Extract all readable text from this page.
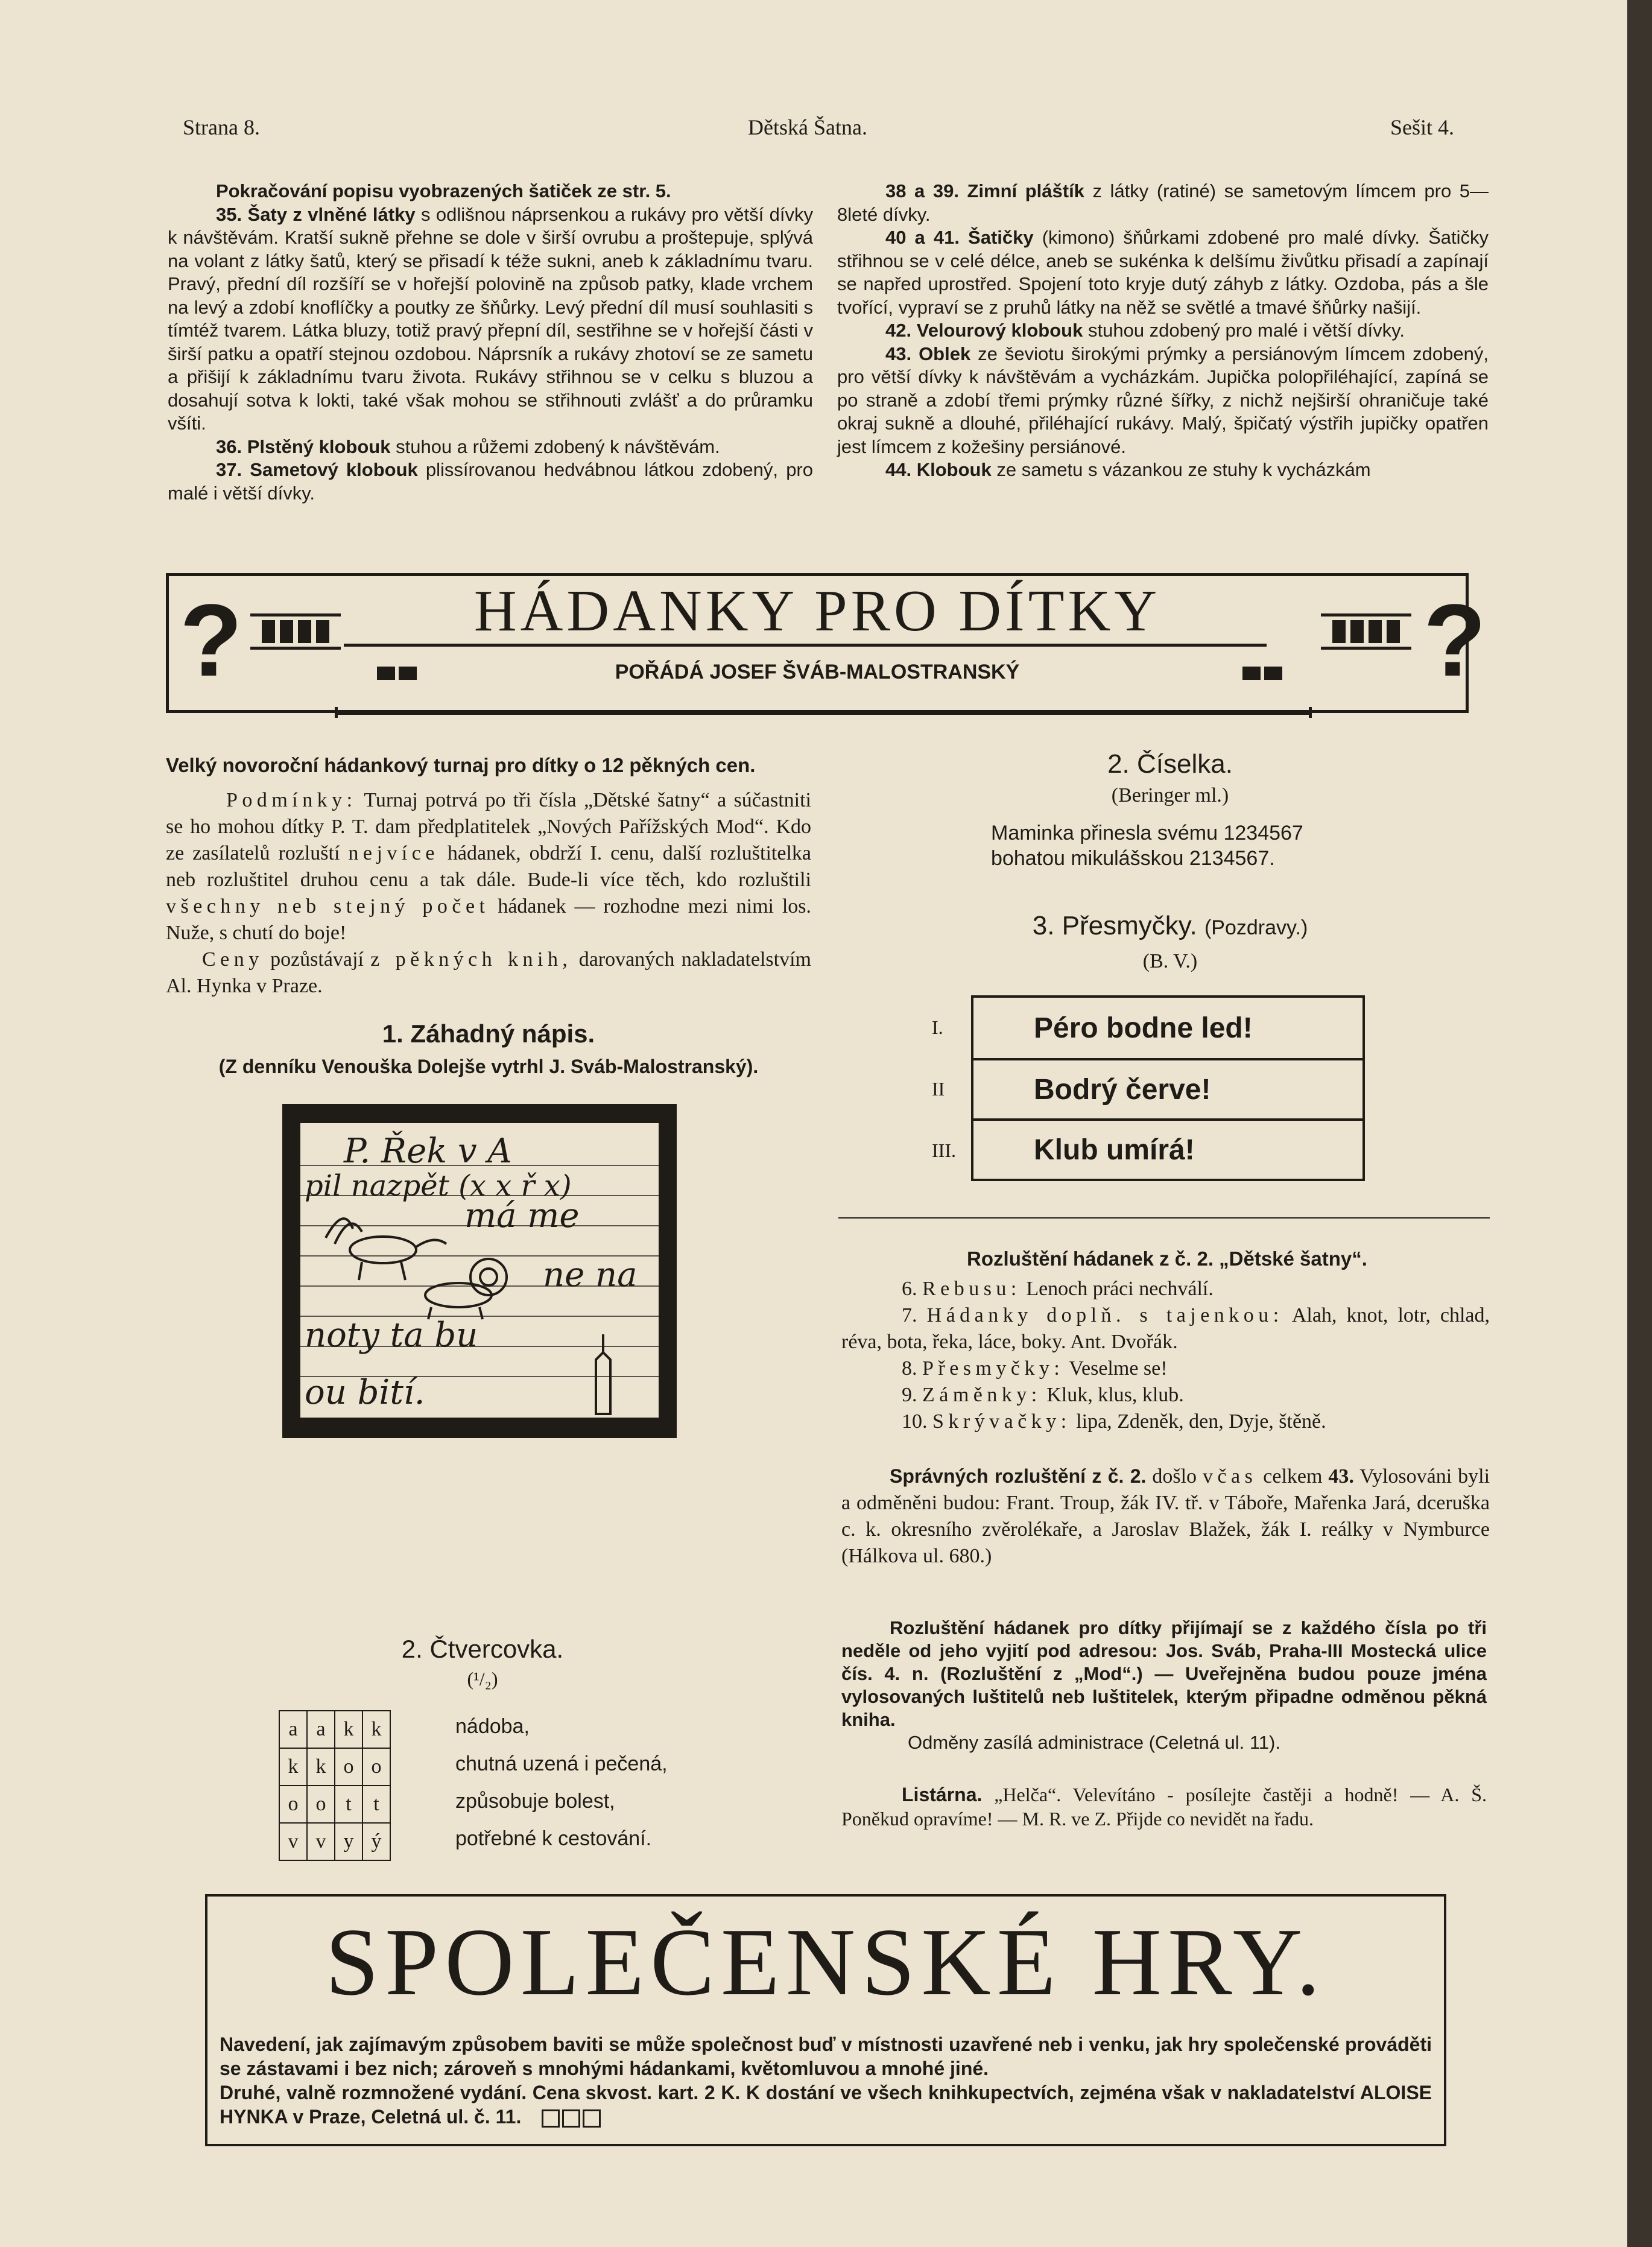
Strana 8.	Dětská Šatna.	Sešit 4.

Pokračování popisu vyobrazených šatiček ze str. 5.

35. Šaty z vlněné látky s odlišnou náprsenkou a rukávy pro větší dívky k návštěvám. Kratší sukně přehne se dole v širší ovrubu a proštepuje, splývá na volant z látky šatů, který se přisadí k téže sukni, aneb k základnímu tvaru. Pravý, přední díl rozšíří se v hořejší polovině na způsob patky, klade vrchem na levý a zdobí knoflíčky a poutky ze šňůrky. Levý přední díl musí souhlasiti s tímtéž tvarem. Látka bluzy, totiž pravý přepní díl, sestřihne se v hořejší části v širší patku a opatří stejnou ozdobou. Náprsník a rukávy zhotoví se ze sametu a přišijí k základnímu tvaru života. Rukávy střihnou se v celku s bluzou a dosahují sotva k lokti, také však mohou se střihnouti zvlášť a do průramku všíti.

36. Plstěný klobouk stuhou a růžemi zdobený k návštěvám.

37. Sametový klobouk plissírovanou hedvábnou látkou zdobený, pro malé i větší dívky.

38 a 39. Zimní pláštík z látky (ratiné) se sametovým límcem pro 5—8leté dívky.

40 a 41. Šatičky (kimono) šňůrkami zdobené pro malé dívky. Šatičky střihnou se v celé délce, aneb se sukénka k delšímu živůtku přisadí a zapínají se napřed uprostřed. Spojení toto kryje dutý záhyb z látky. Ozdoba, pás a šle tvořící, vypraví se z pruhů látky na něž se světlé a tmavé šňůrky našijí.

42. Velourový klobouk stuhou zdobený pro malé i větší dívky.

43. Oblek ze ševiotu širokými prýmky a persiánovým límcem zdobený, pro větší dívky k návštěvám a vycházkám. Jupička polopřiléhající, zapíná se po straně a zdobí třemi prýmky různé šířky, z nichž nejširší ohraničuje také okraj sukně a dlouhé, přiléhající rukávy. Malý, špičatý výstřih jupičky opatřen jest límcem z kožešiny persiánové.

44. Klobouk ze sametu s vázankou ze stuhy k vycházkám

?	HÁDANKY PRO DÍTKY	?
POŘÁDÁ JOSEF ŠVÁB-MALOSTRANSKÝ
Velký novoroční hádankový turnaj pro dítky o 12 pěkných cen.

Podmínky: Turnaj potrvá po tři čísla „Dětské šatny“ a súčastniti se ho mohou dítky P. T. dam předplatitelek „Nových Pařížských Mod“. Kdo ze zasílatelů rozluští nejvíce hádanek, obdrží I. cenu, další rozluštitelka neb rozluštitel druhou cenu a tak dále. Bude-li více těch, kdo rozluštili všechny neb stejný počet hádanek — rozhodne mezi nimi los. Nuže, s chutí do boje!

Ceny pozůstávají z pěkných knih, darovaných nakladatelstvím Al. Hynka v Praze.

1. Záhadný nápis.
(Z denníku Venouška Dolejše vytrhl J. Sváb-Malostranský).
P. Řek v A
pil nazpět (x x ř x)
má me
ne na
noty ta bu
ou bití.
2. Čtvercovka.
(¹/₂)
a	a	k	k
k	k	o	o
o	o	t	t
v	v	y	ý
nádoba,
chutná uzená i pečená,
způsobuje bolest,
potřebné k cestování.
2. Číselka.
(Beringer ml.)
Maminka přinesla svému 1234567
bohatou mikulášskou 2134567.
3. Přesmyčky. (Pozdravy.)
(B. V.)
I.
II
III.
Péro bodne led!
Bodrý červe!
Klub umírá!
Rozluštění hádanek z č. 2. „Dětské šatny“.

6. Rebusu: Lenoch práci nechválí.

7. Hádanky doplň. s tajenkou: Alah, knot, lotr, chlad, réva, bota, řeka, láce, boky. Ant. Dvořák.

8. Přesmyčky: Veselme se!

9. Záměnky: Kluk, klus, klub.

10. Skrývačky: lipa, Zdeněk, den, Dyje, štěně.

Správných rozluštění z č. 2. došlo včas celkem 43. Vylosováni byli a odměněni budou: Frant. Troup, žák IV. tř. v Táboře, Mařenka Jará, dceruška c. k. okresního zvěrolékaře, a Jaroslav Blažek, žák I. reálky v Nymburce (Hálkova ul. 680.)

Rozluštění hádanek pro dítky přijímají se z každého čísla po tři neděle od jeho vyjití pod adresou: Jos. Sváb, Praha-III Mostecká ulice čís. 4. n. (Rozluštění z „Mod“.) — Uveřejněna budou pouze jména vylosovaných luštitelů neb luštitelek, kterým připadne odměnou pěkná kniha.

Odměny zasílá administrace (Celetná ul. 11).

Listárna. „Helča“. Velevítáno - posílejte častěji a hodně! — A. Š. Poněkud opravíme! — M. R. ve Z. Přijde co nevidět na řadu.

SPOLEČENSKÉ HRY.

Navedení, jak zajímavým způsobem baviti se může společnost buď v místnosti uzavřené neb i venku, jak hry společenské prováděti se zástavami i bez nich; zároveň s mnohými hádankami, květomluvou a mnohé jiné.

Druhé, valně rozmnožené vydání. Cena skvost. kart. 2 K. K dostání ve všech knihkupectvích, zejména však v nakladatelství ALOISE HYNKA v Praze, Celetná ul. č. 11.
